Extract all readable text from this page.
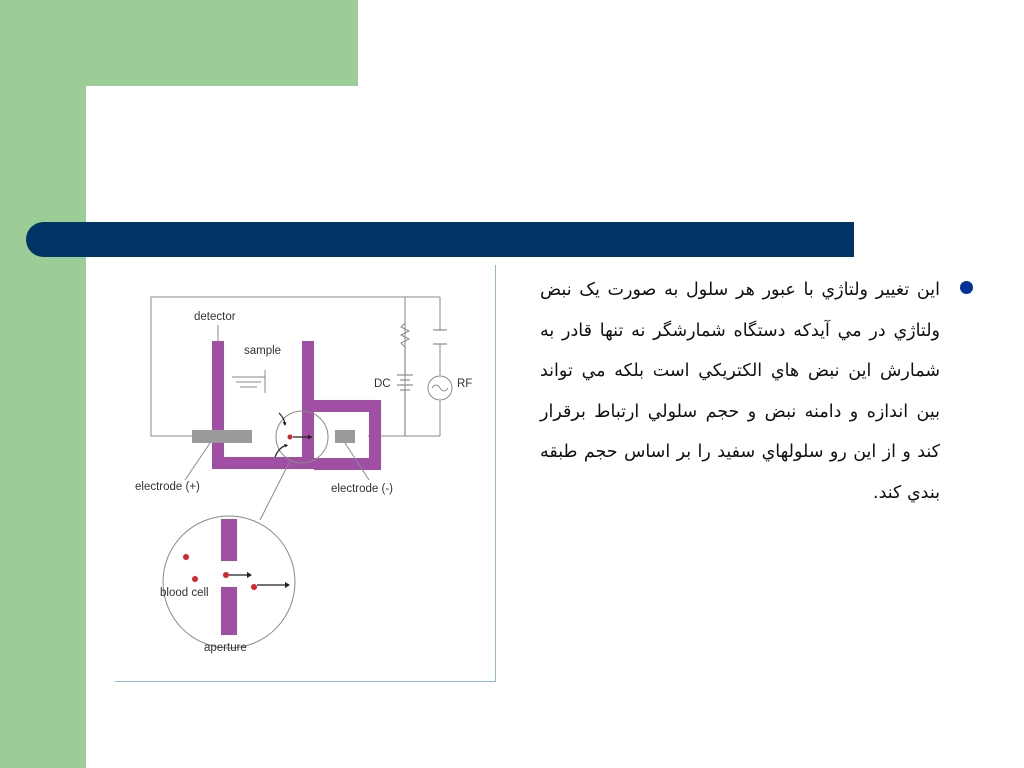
detector
sample
DC	RF
electrode (+)	electrode (-)
blood cell
aperture
این تغییر ولتاژي با عبور هر سلول به صورت یک نبض ولتاژي در مي آیدکه دستگاه شمارشگر نه تنها قادر به شمارش این نبض هاي الکتریکي است بلکه مي تواند بین اندازه و دامنه نبض و حجم سلولي ارتباط برقرار کند و از این رو سلولهاي سفید را بر اساس حجم طبقه بندي کند.
